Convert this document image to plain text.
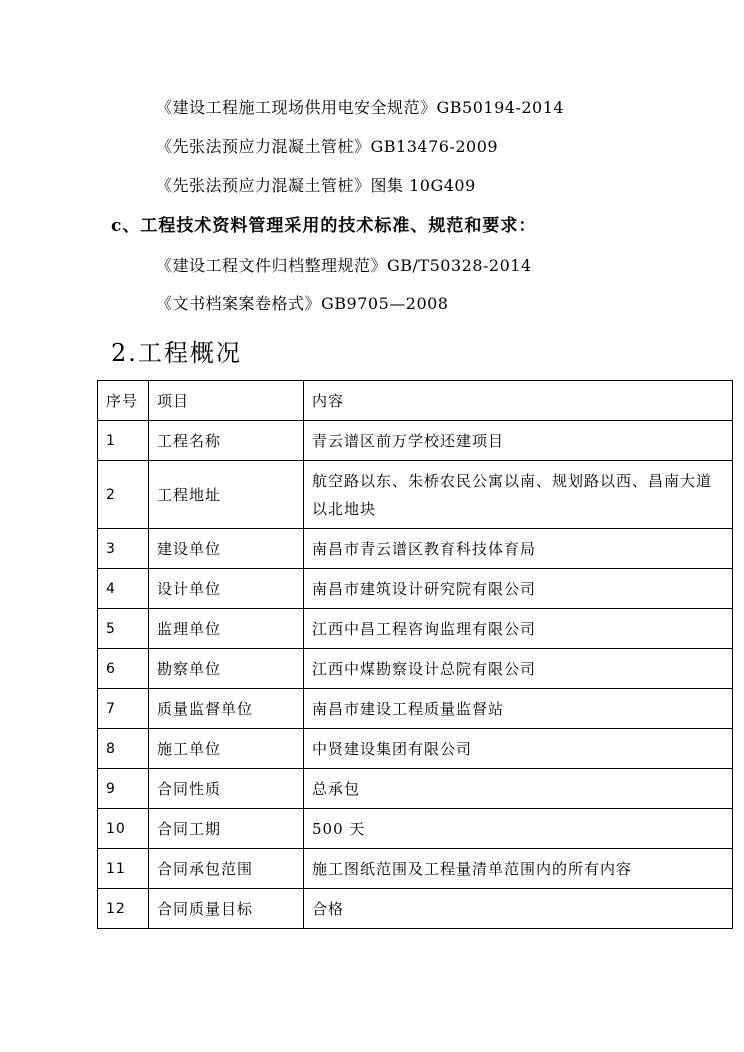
《建设工程施工现场供用电安全规范》GB50194-2014
《先张法预应力混凝土管桩》GB13476-2009
《先张法预应力混凝土管桩》图集 10G409
c、工程技术资料管理采用的技术标准、规范和要求：
《建设工程文件归档整理规范》GB/T50328-2014
《文书档案案卷格式》GB9705—2008
2.工程概况
序号	项目	内容
1	工程名称	青云谱区前万学校还建项目
2	工程地址	航空路以东、朱桥农民公寓以南、规划路以西、昌南大道以北地块
3	建设单位	南昌市青云谱区教育科技体育局
4	设计单位	南昌市建筑设计研究院有限公司
5	监理单位	江西中昌工程咨询监理有限公司
6	勘察单位	江西中煤勘察设计总院有限公司
7	质量监督单位	南昌市建设工程质量监督站
8	施工单位	中贤建设集团有限公司
9	合同性质	总承包
10	合同工期	500 天
11	合同承包范围	施工图纸范围及工程量清单范围内的所有内容
12	合同质量目标	合格
